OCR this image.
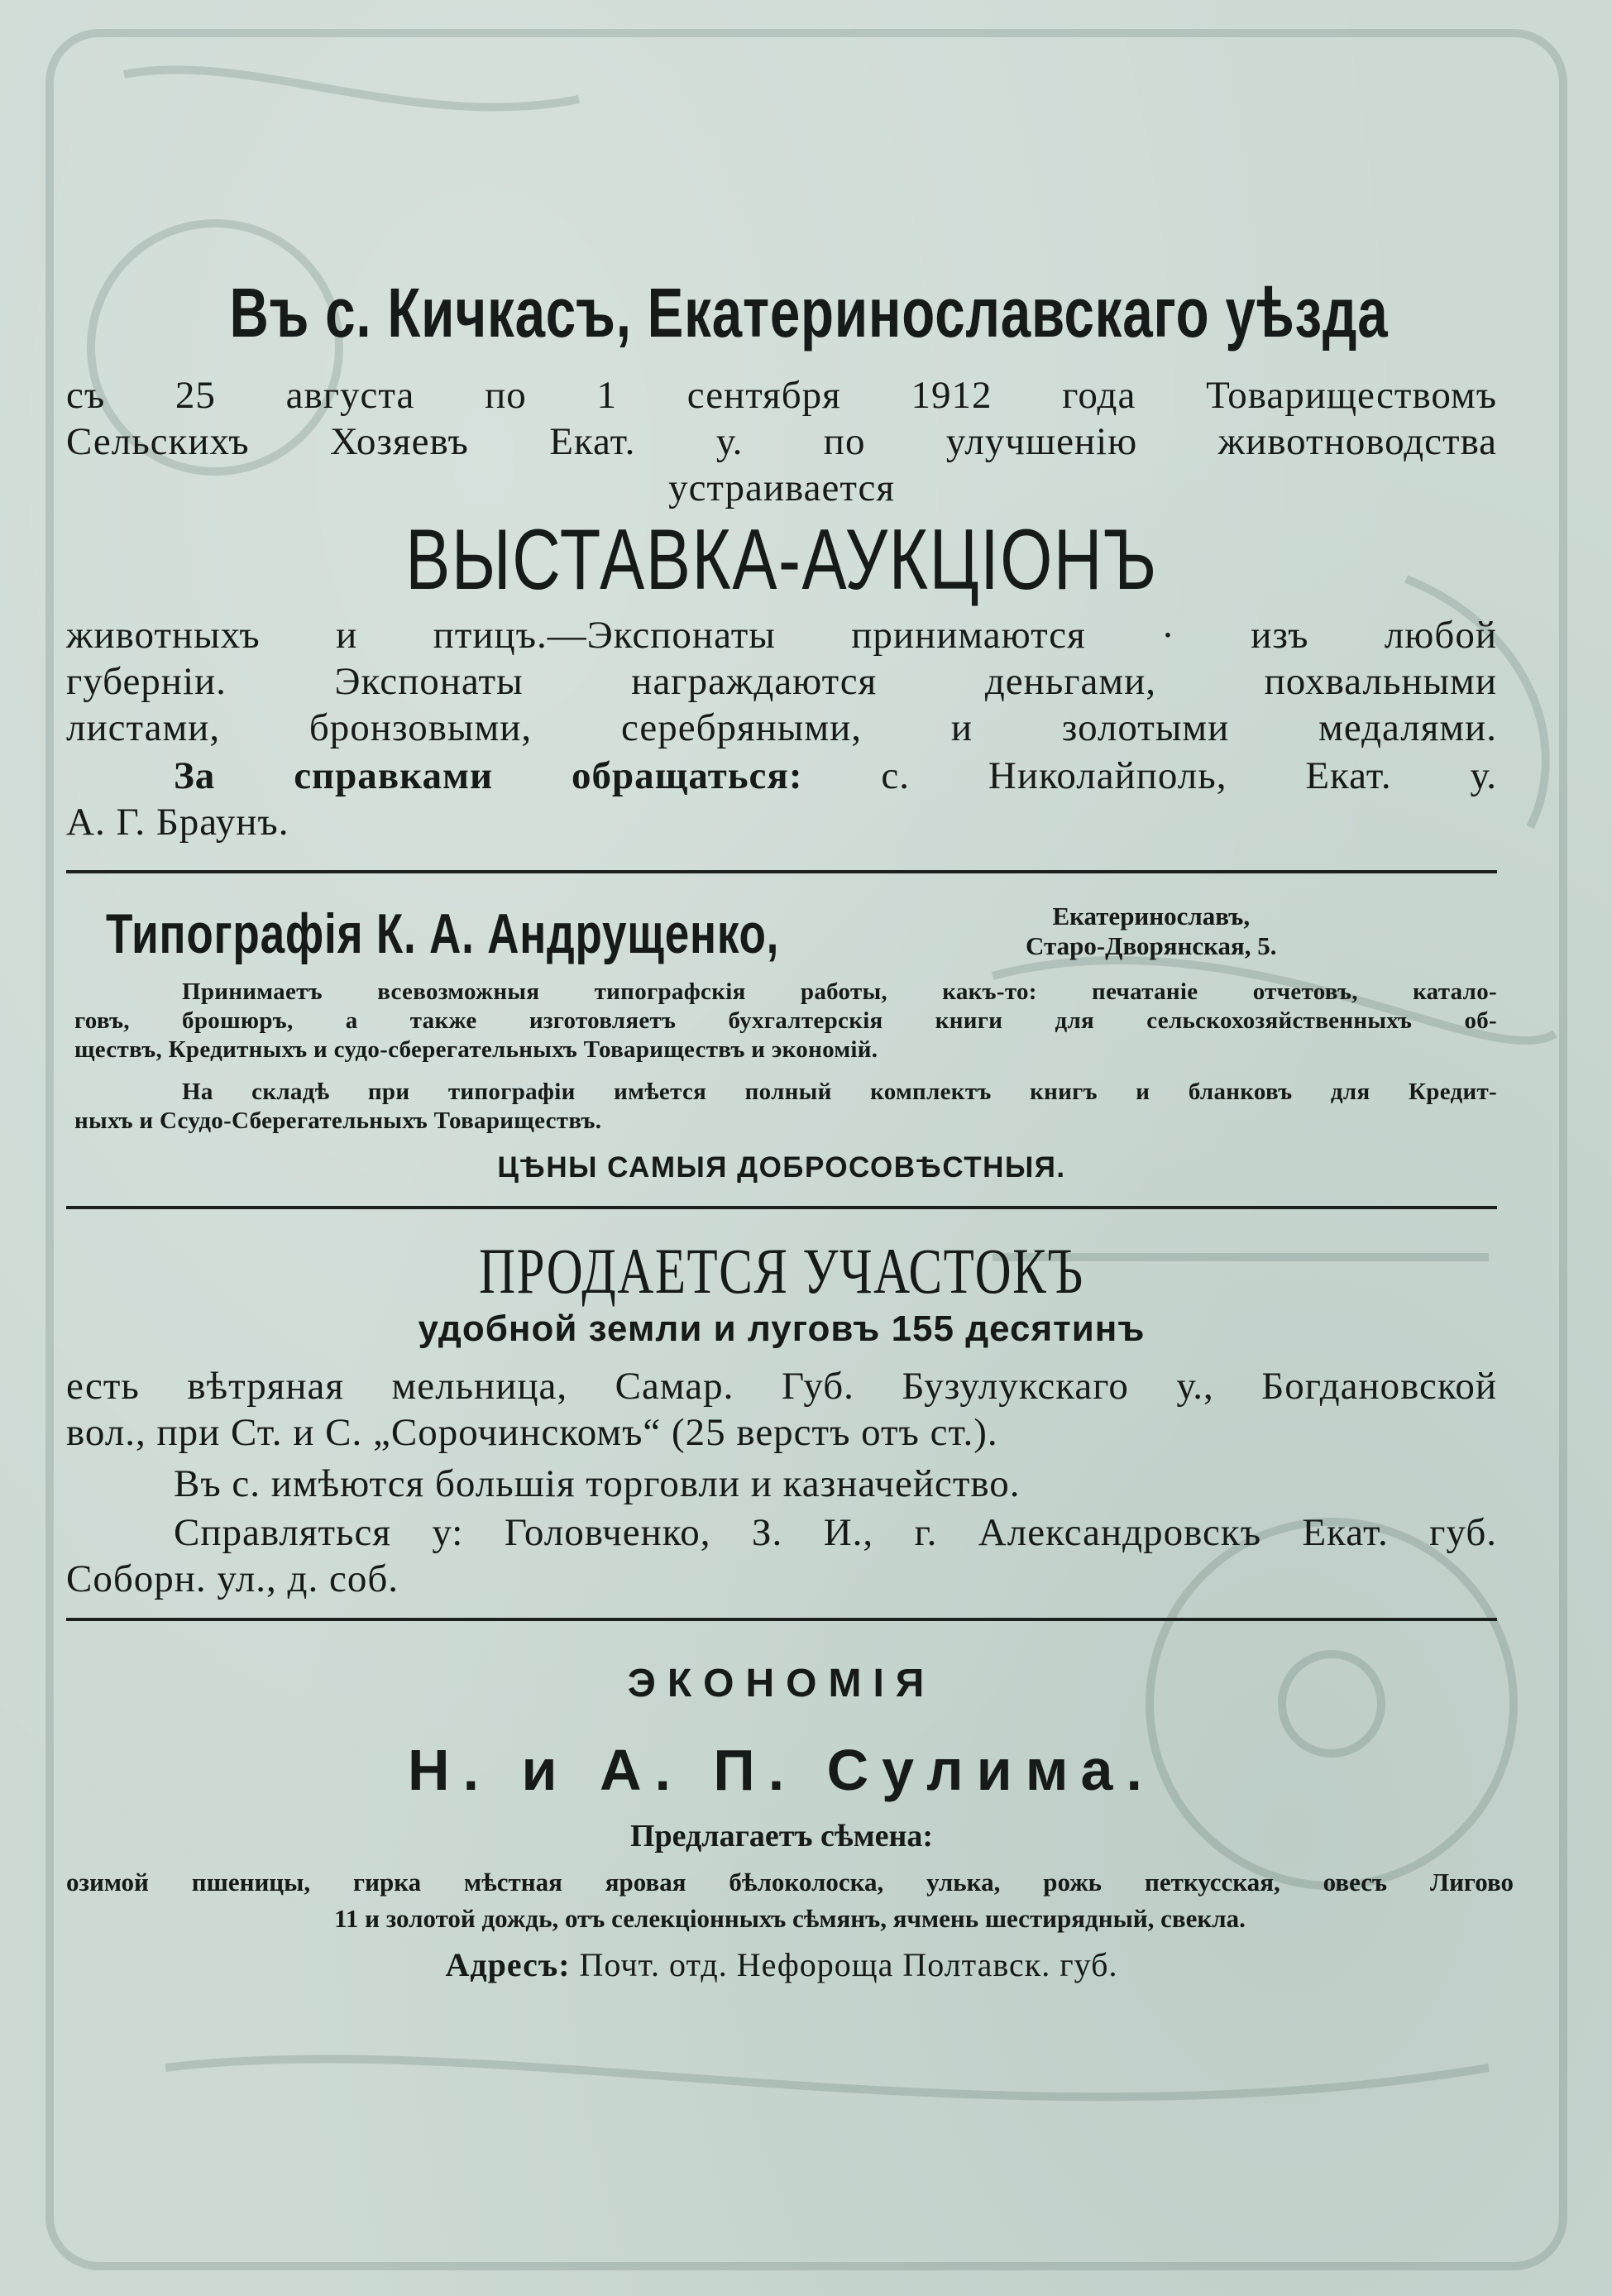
Въ с. Кичкасъ, Екатеринославскаго уѣзда
съ 25 августа по 1 сентября 1912 года Товариществомъ
Сельскихъ Хозяевъ Екат. у. по улучшенію животноводства
устраивается
ВЫСТАВКА-АУКЦІОНЪ
животныхъ и птицъ.—Экспонаты принимаются · изъ любой
губерніи. Экспонаты награждаются деньгами, похвальными
листами, бронзовыми, серебряными, и золотыми медалями.
За справками обращаться: с. Николайполь, Екат. у.
А. Г. Браунъ.
Типографія К. А. Андрущенко,	Екатеринославъ,
Старо-Дворянская, 5.
Принимаетъ всевозможныя типографскія работы, какъ-то: печатаніе отчетовъ, катало-
говъ, брошюръ, а также изготовляетъ бухгалтерскія книги для сельскохозяйственныхъ об-
ществъ, Кредитныхъ и судо-сберегательныхъ Товариществъ и экономій.
На складѣ при типографіи имѣется полный комплектъ книгъ и бланковъ для Кредит-
ныхъ и Ссудо-Сберегательныхъ Товариществъ.
ЦѢНЫ САМЫЯ ДОБРОСОВѢСТНЫЯ.
ПРОДАЕТСЯ УЧАСТОКЪ
удобной земли и луговъ 155 десятинъ
есть вѣтряная мельница, Самар. Губ. Бузулукскаго у., Богдановской
вол., при Ст. и С. „Сорочинскомъ“ (25 верстъ отъ ст.).
Въ с. имѣются большія торговли и казначейство.
Справляться у: Головченко, З. И., г. Александровскъ Екат. губ.
Соборн. ул., д. соб.
ЭКОНОМІЯ
Н. и А. П. Сулима.
Предлагаетъ сѣмена:
озимой пшеницы, гирка мѣстная яровая бѣлоколоска, улька, рожь петкусская, овесъ Лигово
11 и золотой дождь, отъ селекціонныхъ сѣмянъ, ячмень шестирядный, свекла.
Адресъ: Почт. отд. Нефороща Полтавск. губ.
